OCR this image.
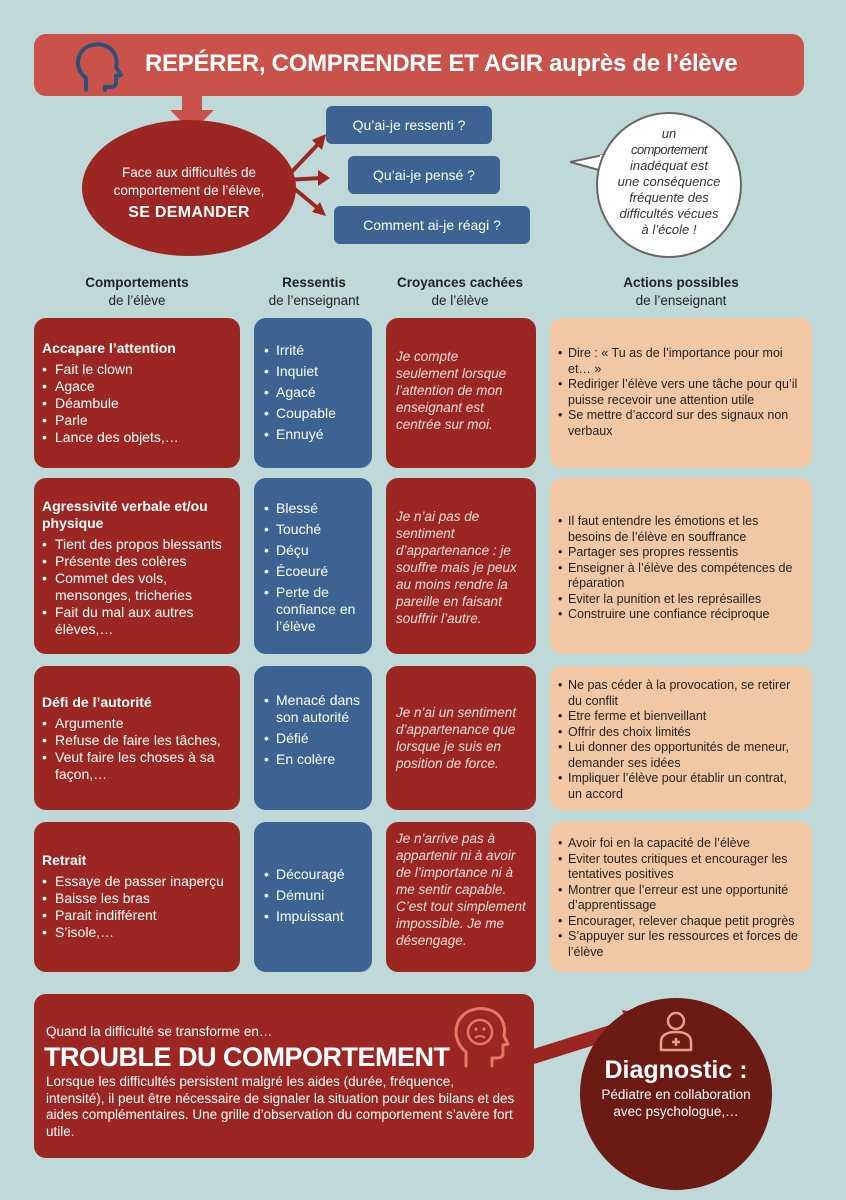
REPÉRER, COMPRENDRE ET AGIR auprès de l’élève
Face aux difficultés de
comportement de l’élève,
SE DEMANDER
Qu’ai-je ressenti ?
Qu’ai-je pensé ?
Comment ai-je réagi ?
un
comportement
inadéquat est
une conséquence
fréquente des
difficultés vécues
à l’école !
Comportements
de l’élève
Ressentis
de l’enseignant
Croyances cachées
de l’élève
Actions possibles
de l’enseignant
Accapare l’attention
• Fait le clown
• Agace
• Déambule
• Parle
• Lance des objets,…
• Irrité
• Inquiet
• Agacé
• Coupable
• Ennuyé
Je compte seulement lorsque l’attention de mon enseignant est centrée sur moi.
• Dire : « Tu as de l’importance pour moi et… »
• Rediriger l’élève vers une tâche pour qu’il puisse recevoir une attention utile
• Se mettre d’accord sur des signaux non verbaux
Agressivité verbale et/ou physique
• Tient des propos blessants
• Présente des colères
• Commet des vols, mensonges, tricheries
• Fait du mal aux autres élèves,…
• Blessé
• Touché
• Déçu
• Écoeuré
• Perte de confiance en l’élève
Je n’ai pas de sentiment d’appartenance : je souffre mais je peux au moins rendre la pareille en faisant souffrir l’autre.
• Il faut entendre les émotions et les besoins de l’élève en souffrance
• Partager ses propres ressentis
• Enseigner à l’élève des compétences de réparation
• Eviter la punition et les représailles
• Construire une confiance réciproque
Défi de l’autorité
• Argumente
• Refuse de faire les tâches,
• Veut faire les choses à sa façon,…
• Menacé dans son autorité
• Défié
• En colère
Je n’ai un sentiment d’appartenance que lorsque je suis en position de force.
• Ne pas céder à la provocation, se retirer du conflit
• Etre ferme et bienveillant
• Offrir des choix limités
• Lui donner des opportunités de meneur, demander ses idées
• Impliquer l’élève pour établir un contrat, un accord
Retrait
• Essaye de passer inaperçu
• Baisse les bras
• Parait indifférent
• S’isole,…
• Découragé
• Démuni
• Impuissant
Je n’arrive pas à appartenir ni à avoir de l’importance ni à me sentir capable. C’est tout simplement impossible. Je me désengage.
• Avoir foi en la capacité de l’élève
• Eviter toutes critiques et encourager les tentatives positives
• Montrer que l’erreur est une opportunité d’apprentissage
• Encourager, relever chaque petit progrès
• S’appuyer sur les ressources et forces de l’élève
Quand la difficulté se transforme en…
TROUBLE DU COMPORTEMENT
Lorsque les difficultés persistent malgré les aides (durée, fréquence, intensité), il peut être nécessaire de signaler la situation pour des bilans et des aides complémentaires. Une grille d’observation du comportement s’avère fort utile.
Diagnostic :
Pédiatre en collaboration avec psychologue,…
